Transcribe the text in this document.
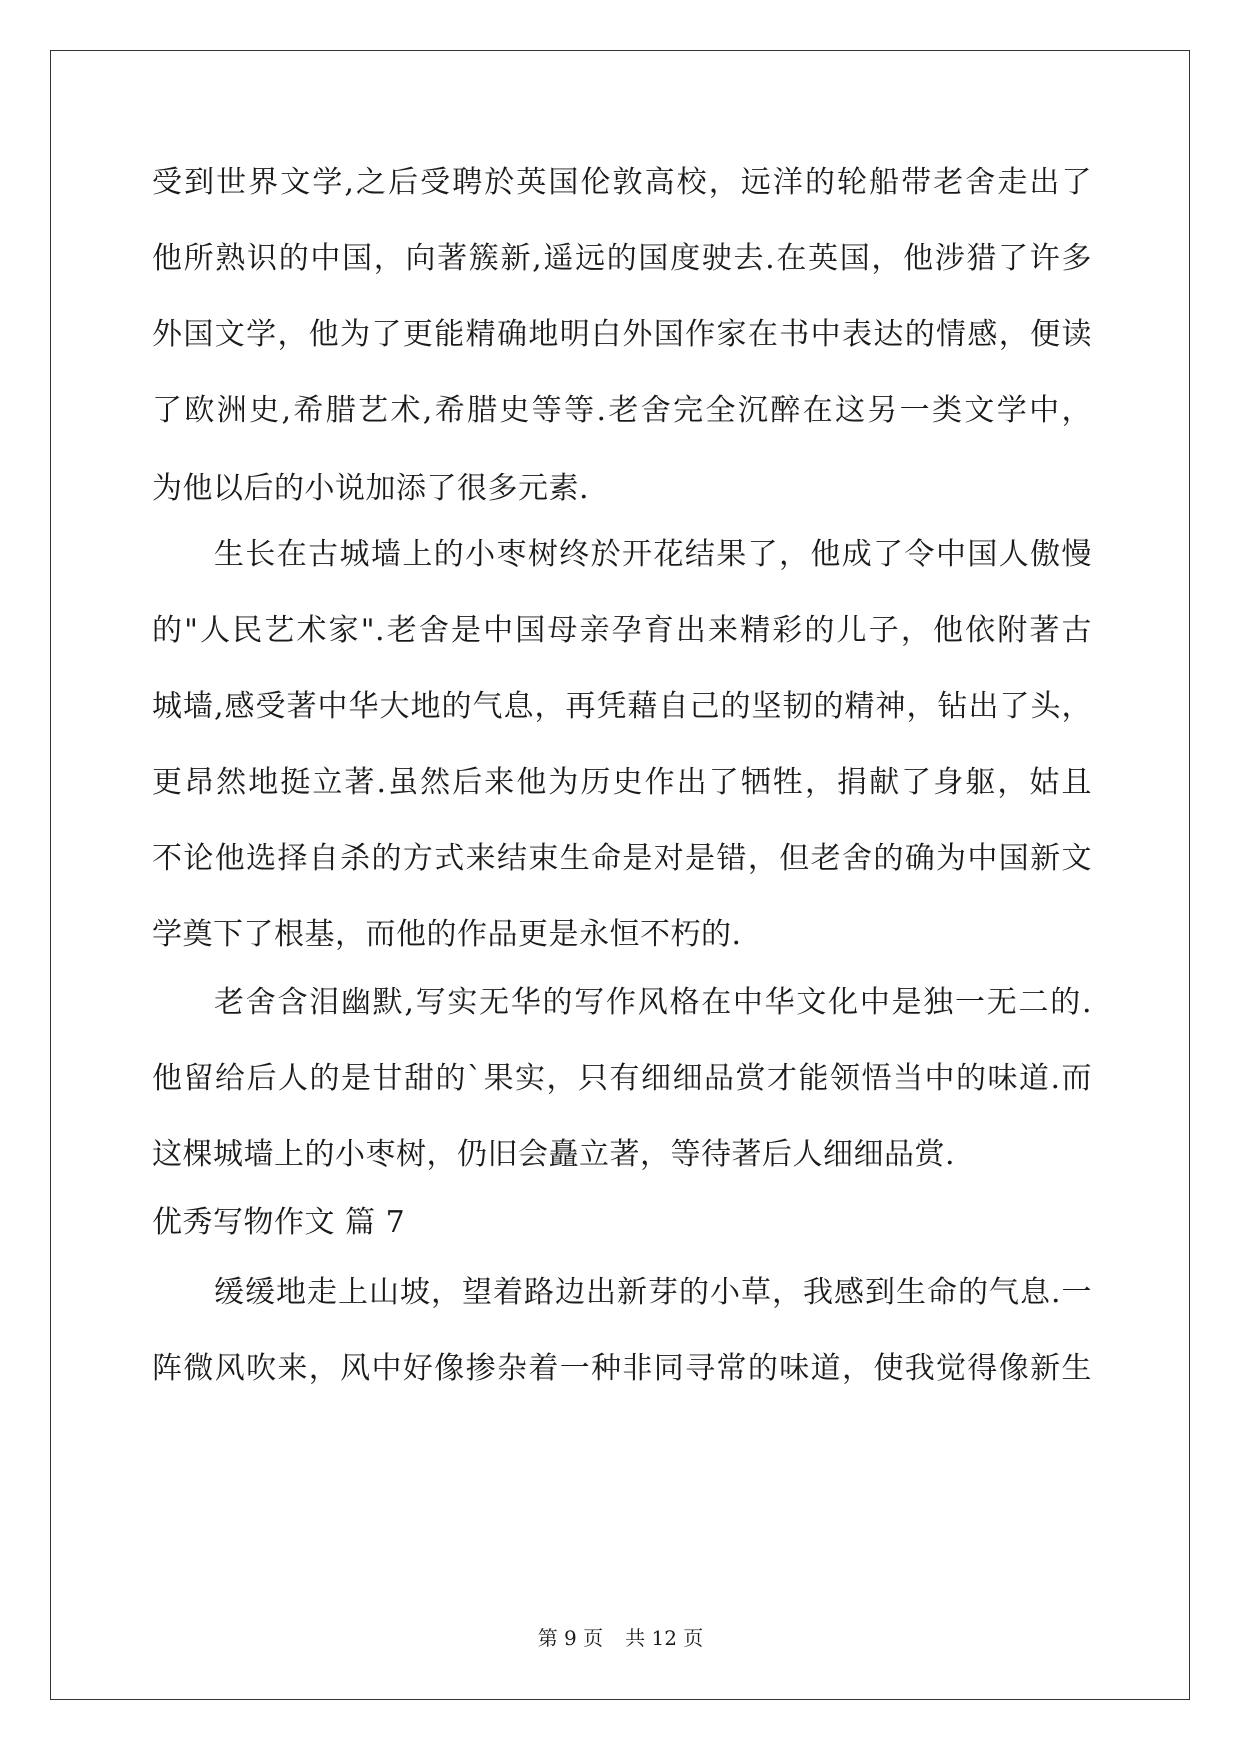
受到世界文学,之后受聘於英国伦敦高校，远洋的轮船带老舍走出了
他所熟识的中国，向著簇新,遥远的国度驶去.在英国，他涉猎了许多
外国文学，他为了更能精确地明白外国作家在书中表达的情感，便读
了欧洲史,希腊艺术,希腊史等等.老舍完全沉醉在这另一类文学中，
为他以后的小说加添了很多元素.
生长在古城墙上的小枣树终於开花结果了，他成了令中国人傲慢
的"人民艺术家".老舍是中国母亲孕育出来精彩的儿子，他依附著古
城墙,感受著中华大地的气息，再凭藉自己的坚韧的精神，钻出了头，
更昂然地挺立著.虽然后来他为历史作出了牺牲，捐献了身躯，姑且
不论他选择自杀的方式来结束生命是对是错，但老舍的确为中国新文
学奠下了根基，而他的作品更是永恒不朽的.
老舍含泪幽默,写实无华的写作风格在中华文化中是独一无二的.
他留给后人的是甘甜的`果实，只有细细品赏才能领悟当中的味道.而
这棵城墙上的小枣树，仍旧会矗立著，等待著后人细细品赏.
优秀写物作文 篇 7
缓缓地走上山坡，望着路边出新芽的小草，我感到生命的气息.一
阵微风吹来，风中好像掺杂着一种非同寻常的味道，使我觉得像新生
第 9 页 共 12 页
